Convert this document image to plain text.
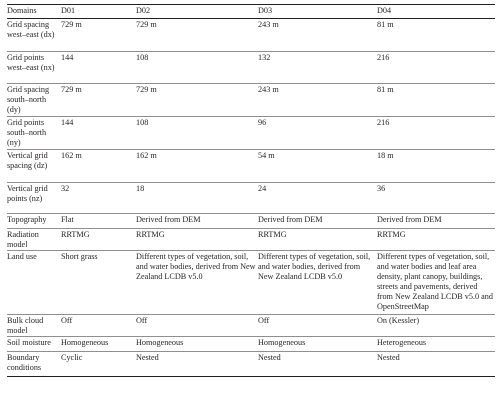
Domains	D01	D02	D03	D04

Grid spacing west–east (dx)	729 m	729 m	243 m	81 m

Grid points west–east (nx)	144	108	132	216

Grid spacing south–north (dy)	729 m	729 m	243 m	81 m

Grid points south–north (ny)	144	108	96	216

Vertical grid spacing (dz)	162 m	162 m	54 m	18 m

Vertical grid points (nz)	32	18	24	36

Topography	Flat	Derived from DEM	Derived from DEM	Derived from DEM

Radiation model	RRTMG	RRTMG	RRTMG	RRTMG

Land use	Short grass	Different types of vegetation, soil, and water bodies, derived from New Zealand LCDB v5.0	Different types of vegetation, soil, and water bodies, derived from New Zealand LCDB v5.0	Different types of vegetation, soil, and water bodies and leaf area density, plant canopy, buildings, streets and pavements, derived from New Zealand LCDB v5.0 and OpenStreetMap

Bulk cloud model	Off	Off	Off	On (Kessler)

Soil moisture	Homogeneous	Homogeneous	Homogeneous	Heterogeneous

Boundary conditions	Cyclic	Nested	Nested	Nested
